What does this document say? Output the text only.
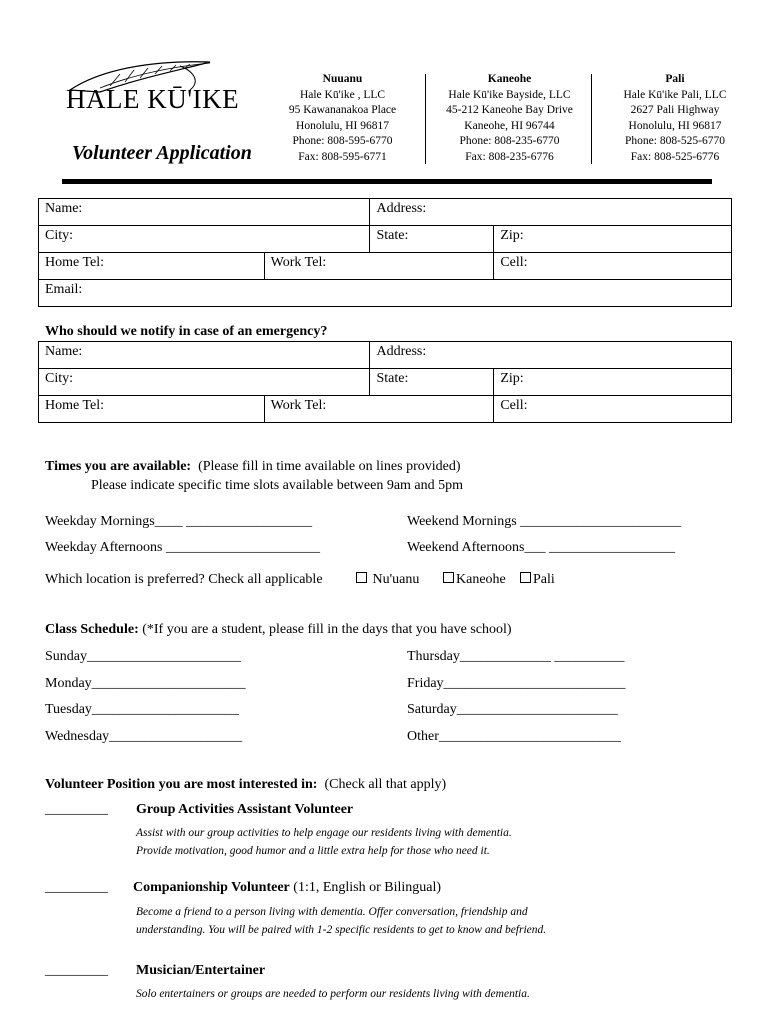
HALE KŪ'IKE
Volunteer Application
Nuuanu
Hale Kū'ike , LLC
95 Kawananakoa Place
Honolulu, HI 96817
Phone: 808-595-6770
Fax: 808-595-6771
Kaneohe
Hale Kū'ike Bayside, LLC
45-212 Kaneohe Bay Drive
Kaneohe, HI 96744
Phone: 808-235-6770
Fax: 808-235-6776
Pali
Hale Kū'ike Pali, LLC
2627 Pali Highway
Honolulu, HI 96817
Phone: 808-525-6770
Fax: 808-525-6776
Name:		Address:	
City:		State:	Zip:
Home Tel:	Work Tel:		Cell:
Email:			
Who should we notify in case of an emergency?
Name:		Address:	
City:		State:	Zip:
Home Tel:	Work Tel:		Cell:
Times you are available: (Please fill in time available on lines provided)
Please indicate specific time slots available between 9am and 5pm
Weekday Mornings____ __________________	Weekend Mornings _______________________
Weekday Afternoons ______________________	Weekend Afternoons___ __________________
Which location is preferred? Check all applicable	Nu'uanu	Kaneohe	Pali
Class Schedule: (*If you are a student, please fill in the days that you have school)
Sunday______________________	Thursday_____________ __________
Monday______________________	Friday__________________________
Tuesday_____________________	Saturday_______________________
Wednesday___________________	Other__________________________
Volunteer Position you are most interested in: (Check all that apply)
_________ Group Activities Assistant Volunteer
Assist with our group activities to help engage our residents living with dementia.
Provide motivation, good humor and a little extra help for those who need it.
_________ Companionship Volunteer (1:1, English or Bilingual)
Become a friend to a person living with dementia. Offer conversation, friendship and
understanding. You will be paired with 1-2 specific residents to get to know and befriend.
_________ Musician/Entertainer
Solo entertainers or groups are needed to perform our residents living with dementia.
